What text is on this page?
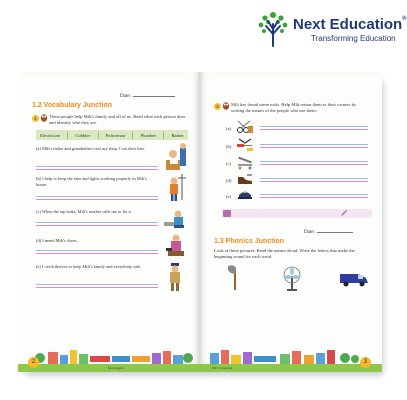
Next Education®
Transforming Education
Date:
1.2 Vocabulary Junction
1	These people help Mili's family and all of us. Read what each person does and identify who they are.
Electrician	Cobbler	Policeman	Plumber	Barber
(a) Mili's father and grandfather visit my shop. I cut their hair.
(b) I help to keep the fans and lights working properly in Mili's house.
(c) When the tap leaks, Mili's mother calls me to fix it.
(d) I mend Mili's shoes.
(e) I catch thieves to keep Mili's family and everybody safe.
2
Next English
2	Mili has found some tools. Help Mili return them to their owners by writing the names of the people who use them.
(a)
(b)
(c)
(d)
(e)
Date:
1.3 Phonics Junction
Look at these pictures. Read the names aloud. Write the letters that make the beginning sound for each word.
3
Mili's Scrapbook
